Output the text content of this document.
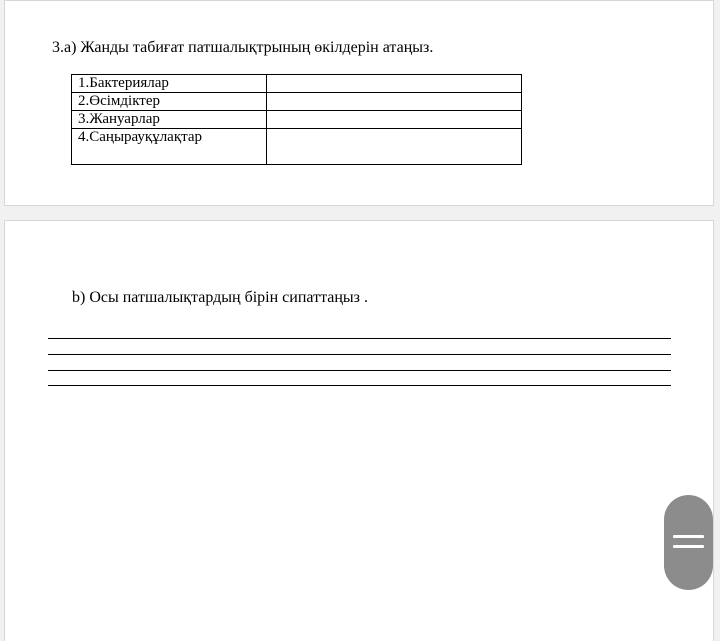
3.a) Жанды табиғат патшалықтрының өкілдерін атаңыз.
1.Бактериялар	
2.Өсімдіктер	
3.Жануарлар	
4.Саңырауқұлақтар	
b) Осы патшалықтардың бірін сипаттаңыз .
